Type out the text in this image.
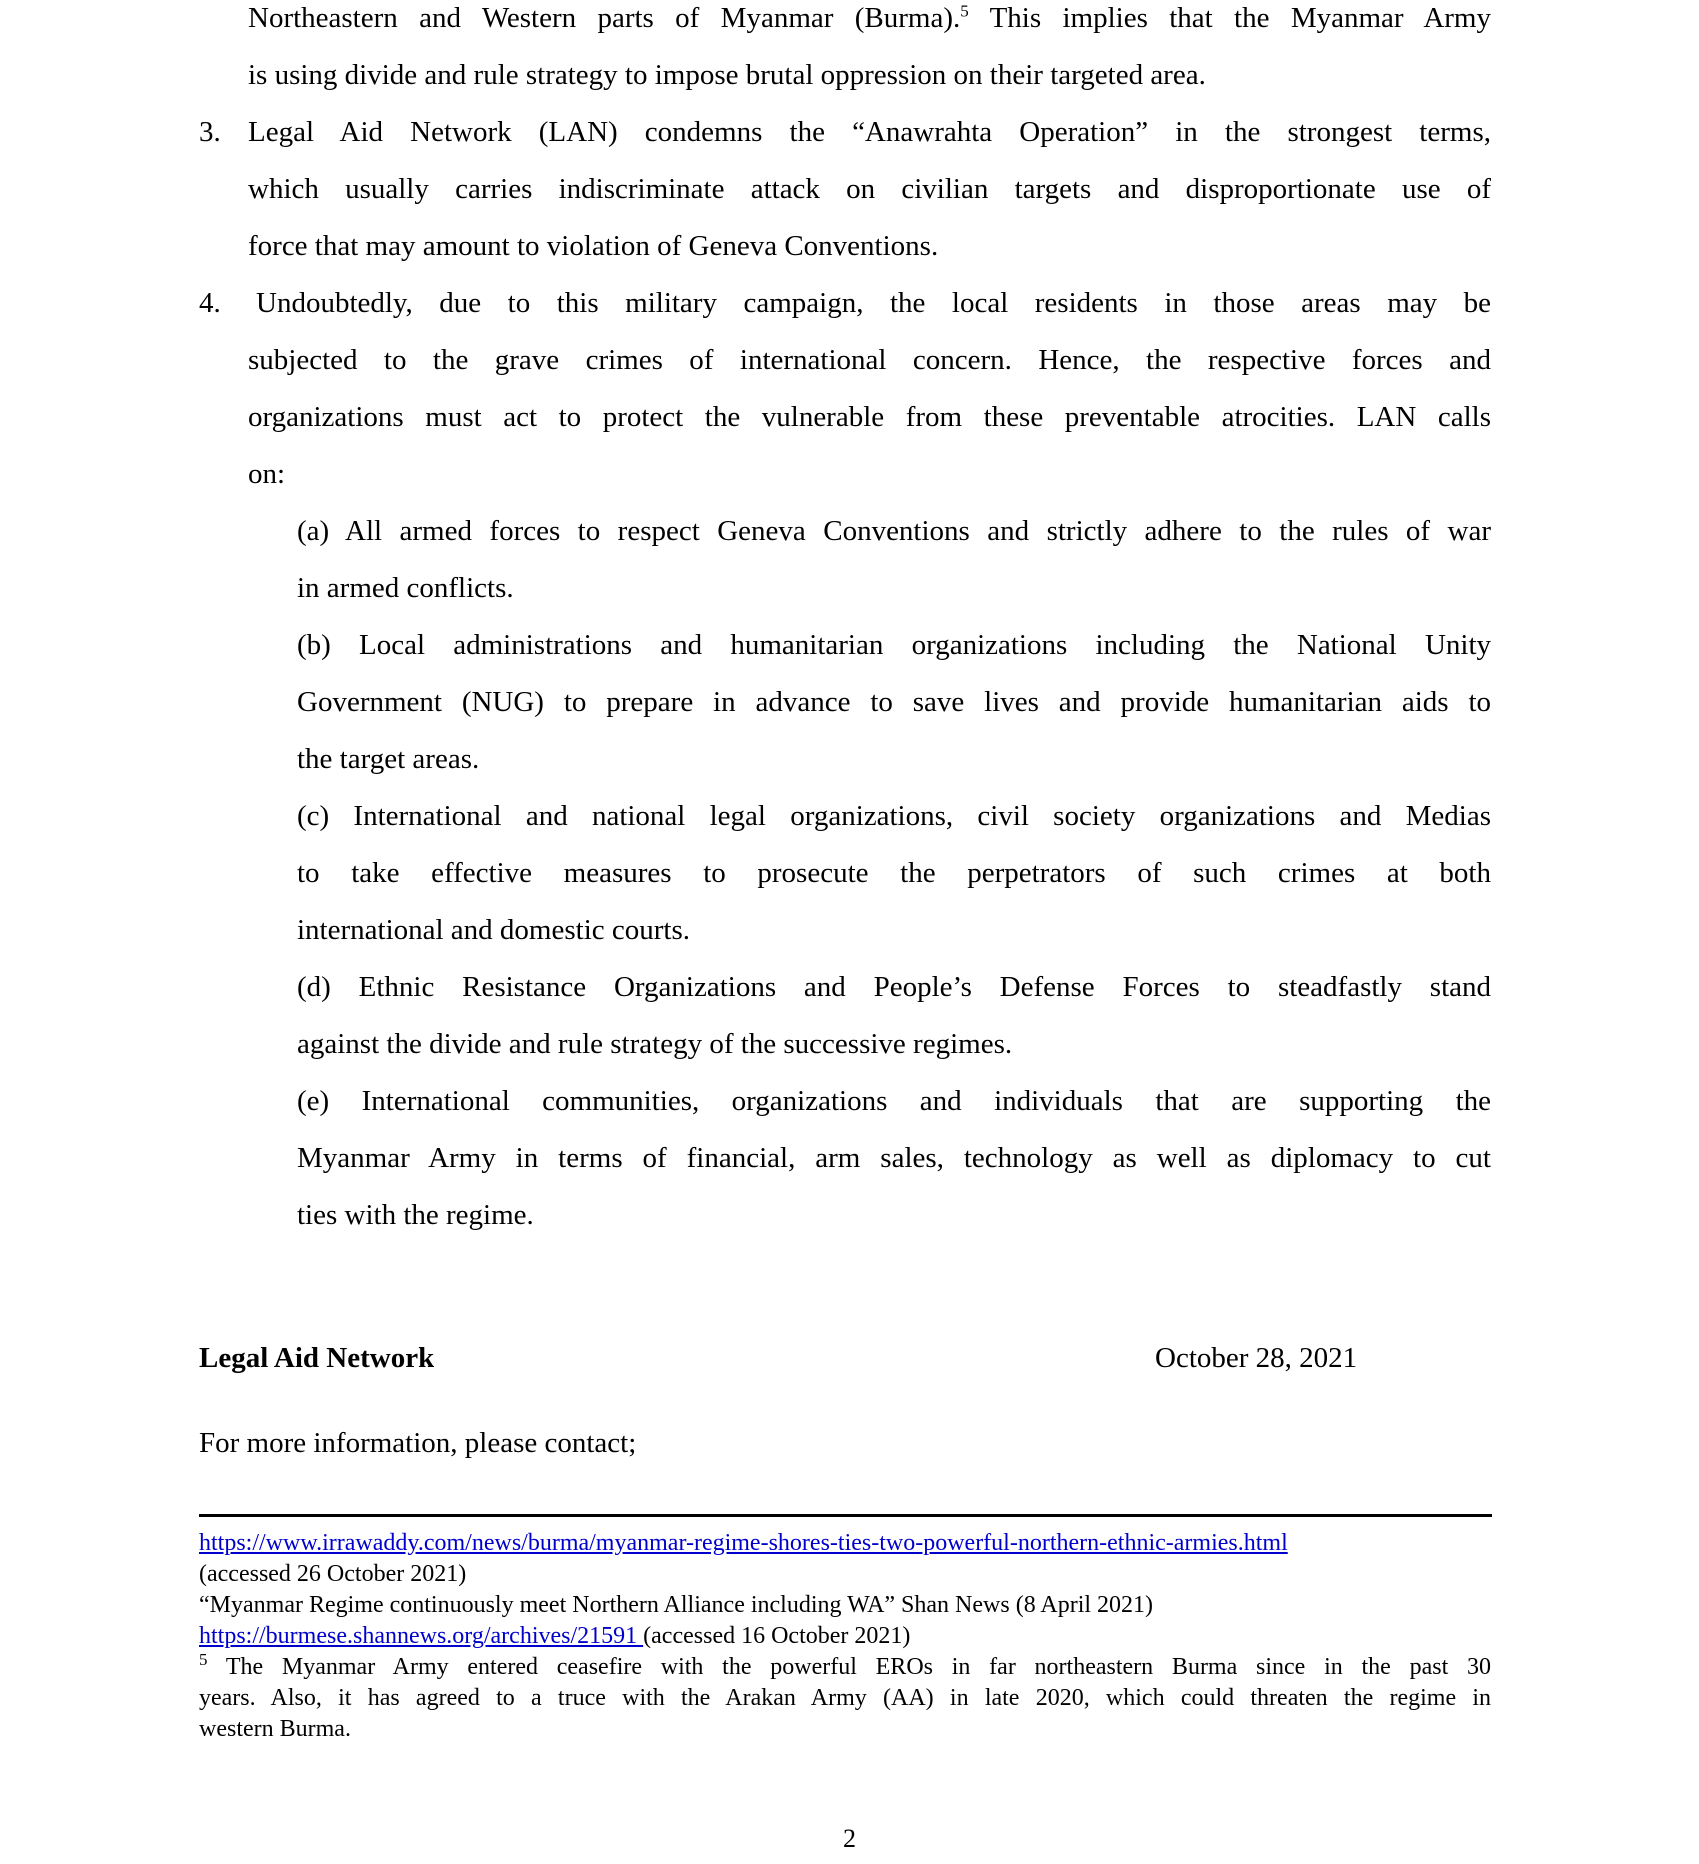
Northeastern and Western parts of Myanmar (Burma).$^5$ This implies that the Myanmar Army
is using divide and rule strategy to impose brutal oppression on their targeted area.
3. Legal Aid Network (LAN) condemns the “Anawrahta Operation” in the strongest terms,
which usually carries indiscriminate attack on civilian targets and disproportionate use of
force that may amount to violation of Geneva Conventions.
4.	Undoubtedly, due to this military campaign, the local residents in those areas may be
subjected to the grave crimes of international concern. Hence, the respective forces and
organizations must act to protect the vulnerable from these preventable atrocities. LAN calls
on:
(a) All armed forces to respect Geneva Conventions and strictly adhere to the rules of war
in armed conflicts.
(b) Local administrations and humanitarian organizations including the National Unity
Government (NUG) to prepare in advance to save lives and provide humanitarian aids to
the target areas.
(c) International and national legal organizations, civil society organizations and Medias
to take effective measures to prosecute the perpetrators of such crimes at both
international and domestic courts.
(d) Ethnic Resistance Organizations and People’s Defense Forces to steadfastly stand
against the divide and rule strategy of the successive regimes.
(e) International communities, organizations and individuals that are supporting the
Myanmar Army in terms of financial, arm sales, technology as well as diplomacy to cut
ties with the regime.
Legal Aid Network	October 28, 2021
For more information, please contact;
https://www.irrawaddy.com/news/burma/myanmar-regime-shores-ties-two-powerful-northern-ethnic-armies.html
(accessed 26 October 2021)
“Myanmar Regime continuously meet Northern Alliance including WA” Shan News (8 April 2021)
https://burmese.shannews.org/archives/21591 (accessed 16 October 2021)
$^5$ The Myanmar Army entered ceasefire with the powerful EROs in far northeastern Burma since in the past 30
years. Also, it has agreed to a truce with the Arakan Army (AA) in late 2020, which could threaten the regime in
western Burma.
2
